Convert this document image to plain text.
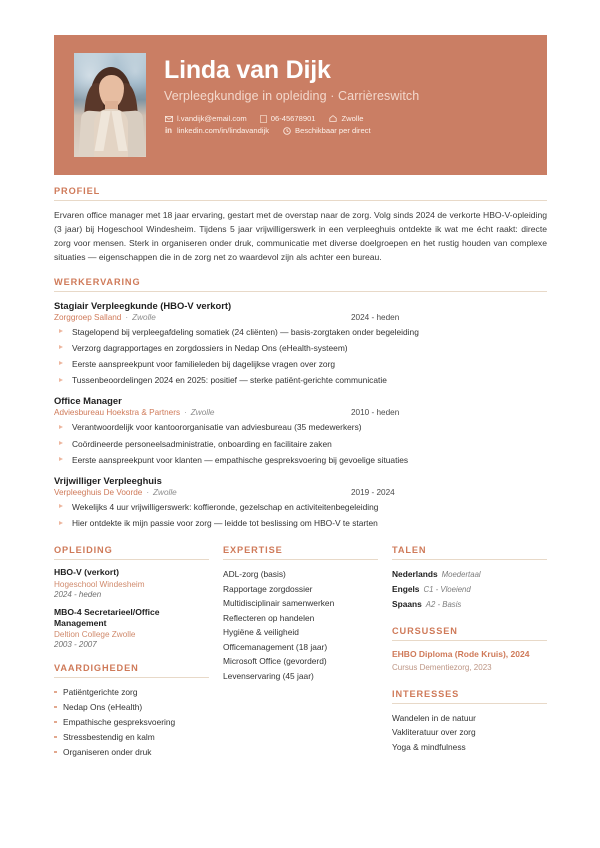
Linda van Dijk
Verpleegkundige in opleiding · Carrièreswitch
l.vandijk@email.com	06-45678901	Zwolle
in linkedin.com/in/lindavandijk	Beschikbaar per direct
PROFIEL
Ervaren office manager met 18 jaar ervaring, gestart met de overstap naar de zorg. Volg sinds 2024 de verkorte HBO-V-opleiding (3 jaar) bij Hogeschool Windesheim. Tijdens 5 jaar vrijwilligerswerk in een verpleeghuis ontdekte ik wat me écht raakt: directe zorg voor mensen. Sterk in organiseren onder druk, communicatie met diverse doelgroepen en het rustig houden van complexe situaties — eigenschappen die in de zorg net zo waardevol zijn als achter een bureau.
WERKERVARING
Stagiair Verpleegkunde (HBO-V verkort)
Zorggroep Salland · Zwolle	2024 - heden
Stagelopend bij verpleegafdeling somatiek (24 cliënten) — basis-zorgtaken onder begeleiding
Verzorg dagrapportages en zorgdossiers in Nedap Ons (eHealth-systeem)
Eerste aanspreekpunt voor familieleden bij dagelijkse vragen over zorg
Tussenbeoordelingen 2024 en 2025: positief — sterke patiënt-gerichte communicatie
Office Manager
Adviesbureau Hoekstra & Partners · Zwolle	2010 - heden
Verantwoordelijk voor kantoororganisatie van adviesbureau (35 medewerkers)
Coördineerde personeelsadministratie, onboarding en facilitaire zaken
Eerste aanspreekpunt voor klanten — empathische gespreksvoering bij gevoelige situaties
Vrijwilliger Verpleeghuis
Verpleeghuis De Voorde · Zwolle	2019 - 2024
Wekelijks 4 uur vrijwilligerswerk: koffieronde, gezelschap en activiteitenbegeleiding
Hier ontdekte ik mijn passie voor zorg — leidde tot beslissing om HBO-V te starten
OPLEIDING
HBO-V (verkort)
Hogeschool Windesheim
2024 - heden
MBO-4 Secretarieel/Office Management
Deltion College Zwolle
2003 - 2007
VAARDIGHEDEN
Patiëntgerichte zorg
Nedap Ons (eHealth)
Empathische gespreksvoering
Stressbestendig en kalm
Organiseren onder druk
EXPERTISE
ADL-zorg (basis)
Rapportage zorgdossier
Multidisciplinair samenwerken
Reflecteren op handelen
Hygiëne & veiligheid
Officemanagement (18 jaar)
Microsoft Office (gevorderd)
Levenservaring (45 jaar)
TALEN
Nederlands Moedertaal
Engels C1 - Vloeiend
Spaans A2 - Basis
CURSUSSEN
EHBO Diploma (Rode Kruis), 2024
Cursus Dementiezorg, 2023
INTERESSES
Wandelen in de natuur
Vakliteratuur over zorg
Yoga & mindfulness
